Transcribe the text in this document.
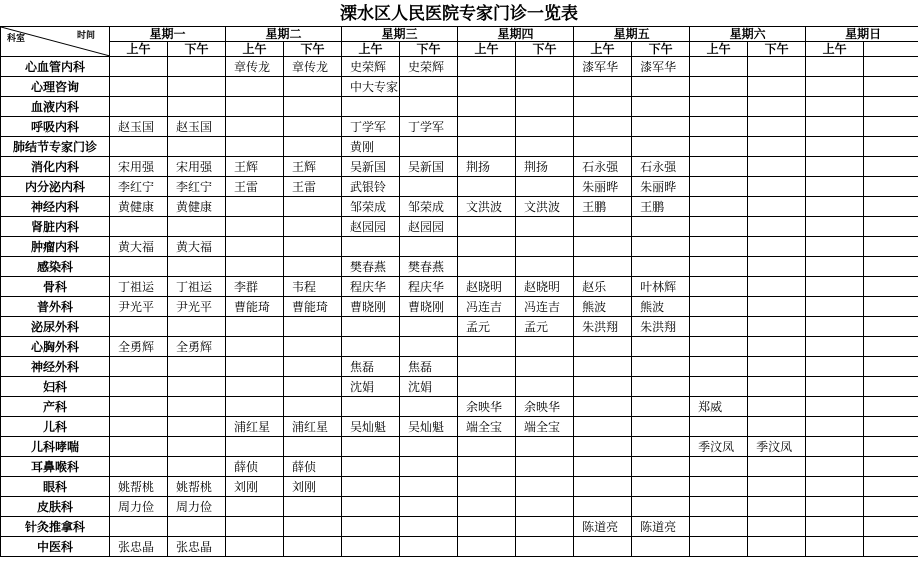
溧水区人民医院专家门诊一览表
科室 时间	星期一		星期二		星期三		星期四		星期五		星期六		星期日	
	上午	下午	上午	下午	上午	下午	上午	下午	上午	下午	上午	下午	上午	
心血管内科			章传龙	章传龙	史荣辉	史荣辉			漆军华	漆军华				
心理咨询					中大专家									
血液内科														
呼吸内科	赵玉国	赵玉国			丁学军	丁学军								
肺结节专家门诊					黄刚									
消化内科	宋用强	宋用强	王辉	王辉	吴新国	吴新国	荆扬	荆扬	石永强	石永强				
内分泌内科	李红宁	李红宁	王雷	王雷	武银铃				朱丽晔	朱丽晔				
神经内科	黄健康	黄健康			邹荣成	邹荣成	文洪波	文洪波	王鹏	王鹏				
肾脏内科					赵园园	赵园园								
肿瘤内科	黄大福	黄大福												
感染科					樊春燕	樊春燕								
骨科	丁祖运	丁祖运	李群	韦程	程庆华	程庆华	赵晓明	赵晓明	赵乐	叶林辉				
普外科	尹光平	尹光平	曹能琦	曹能琦	曹晓刚	曹晓刚	冯连吉	冯连吉	熊波	熊波				
泌尿外科							孟元	孟元	朱洪翔	朱洪翔				
心胸外科	全勇辉	全勇辉												
神经外科					焦磊	焦磊								
妇科					沈娟	沈娟								
产科							余映华	余映华			郑威			
儿科			浦红星	浦红星	吴灿魁	吴灿魁	端全宝	端全宝						
儿科哮喘											季汶凤	季汶凤		
耳鼻喉科			薛侦	薛侦										
眼科	姚帮桃	姚帮桃	刘刚	刘刚										
皮肤科	周力俭	周力俭												
针灸推拿科									陈道亮	陈道亮				
中医科	张忠晶	张忠晶												
